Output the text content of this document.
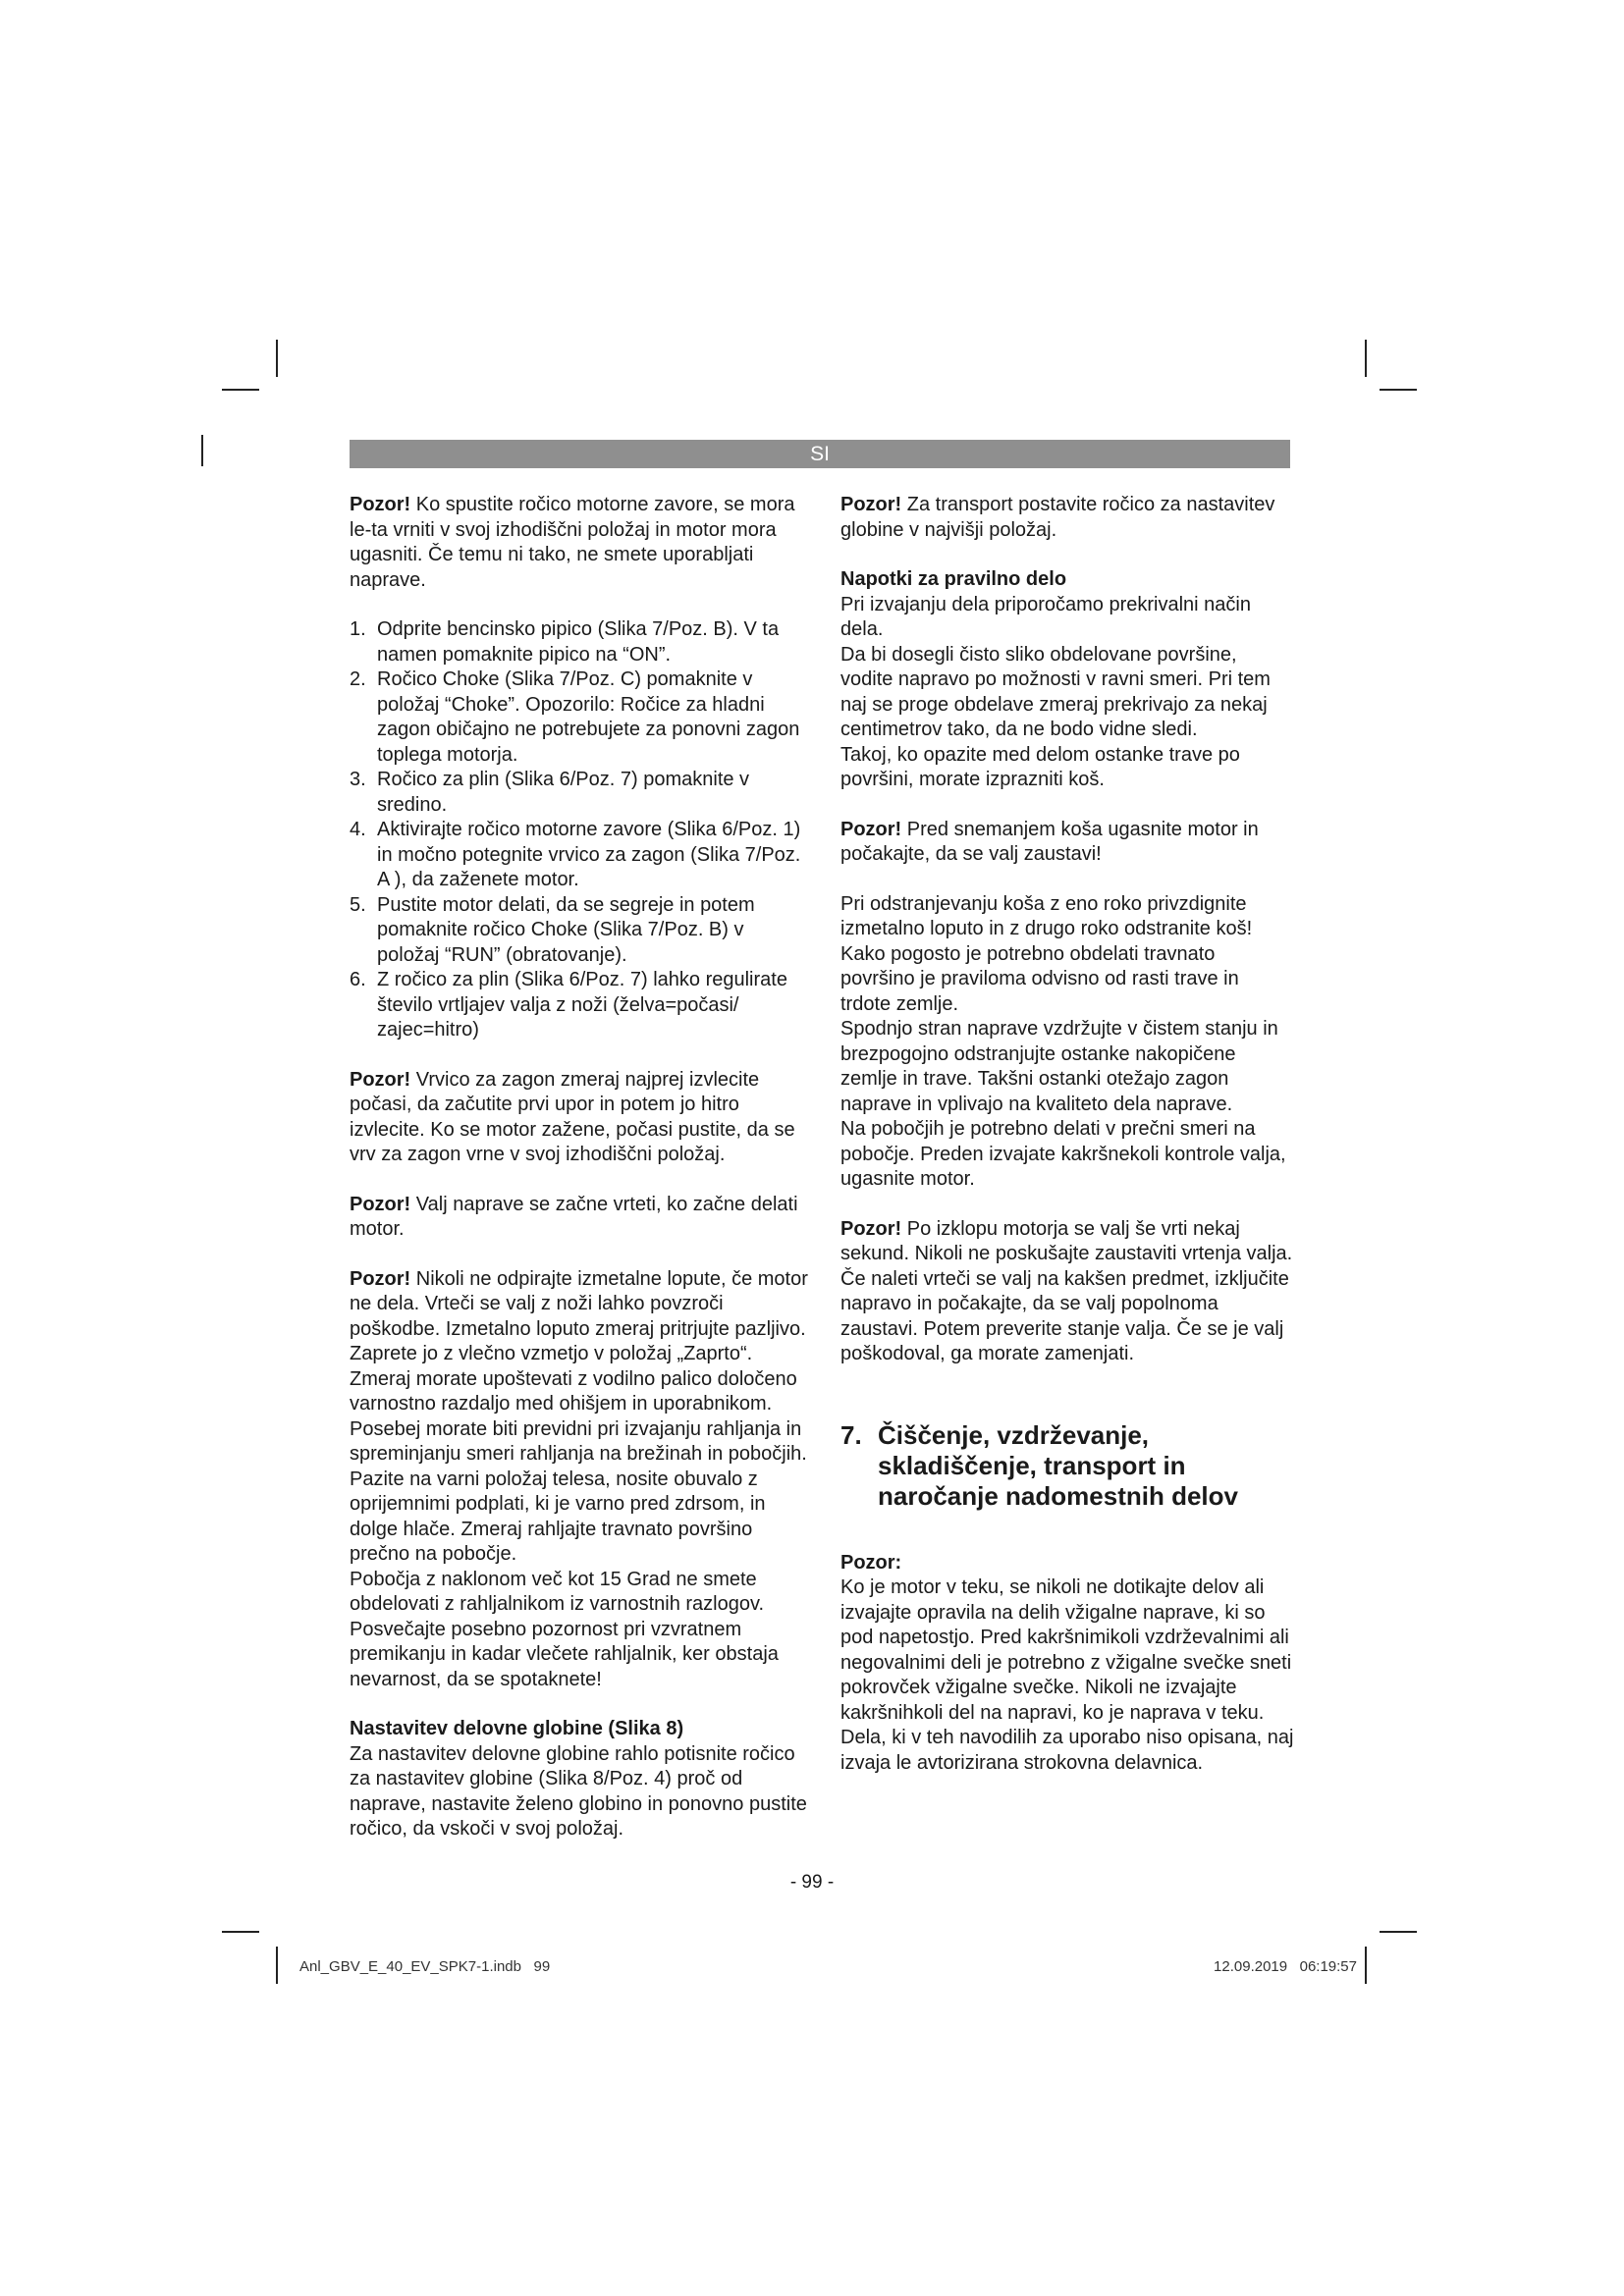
SI

Pozor! Ko spustite ročico motorne zavore, se mora le-ta vrniti v svoj izhodiščni položaj in motor mora ugasniti. Če temu ni tako, ne smete uporabljati naprave.

1. Odprite bencinsko pipico (Slika 7/Poz. B). V ta namen pomaknite pipico na “ON”.
2. Ročico Choke (Slika 7/Poz. C) pomaknite v položaj “Choke”. Opozorilo: Ročice za hladni zagon običajno ne potrebujete za ponovni zagon toplega motorja.
3. Ročico za plin (Slika 6/Poz. 7) pomaknite v sredino.
4. Aktivirajte ročico motorne zavore (Slika 6/Poz. 1) in močno potegnite vrvico za zagon (Slika 7/Poz. A ), da zaženete motor.
5. Pustite motor delati, da se segreje in potem pomaknite ročico Choke (Slika 7/Poz. B) v položaj “RUN” (obratovanje).
6. Z ročico za plin (Slika 6/Poz. 7) lahko regulirate število vrtljajev valja z noži (želva=počasi/ zajec=hitro)

Pozor! Vrvico za zagon zmeraj najprej izvlecite počasi, da začutite prvi upor in potem jo hitro izvlecite. Ko se motor zažene, počasi pustite, da se vrv za zagon vrne v svoj izhodiščni položaj.

Pozor! Valj naprave se začne vrteti, ko začne delati motor.

Pozor! Nikoli ne odpirajte izmetalne lopute, če motor ne dela. Vrteči se valj z noži lahko povzroči poškodbe. Izmetalno loputo zmeraj pritrjujte pazljivo. Zaprete jo z vlečno vzmetjo v položaj „Zaprto“.

Zmeraj morate upoštevati z vodilno palico določeno varnostno razdaljo med ohišjem in uporabnikom. Posebej morate biti previdni pri izvajanju rahljanja in spreminjanju smeri rahljanja na brežinah in pobočjih. Pazite na varni položaj telesa, nosite obuvalo z oprijemnimi podplati, ki je varno pred zdrsom, in dolge hlače. Zmeraj rahljajte travnato površino prečno na pobočje.

Pobočja z naklonom več kot 15 Grad ne smete obdelovati z rahljalnikom iz varnostnih razlogov.

Posvečajte posebno pozornost pri vzvratnem premikanju in kadar vlečete rahljalnik, ker obstaja nevarnost, da se spotaknete!

Nastavitev delovne globine (Slika 8)

Za nastavitev delovne globine rahlo potisnite ročico za nastavitev globine (Slika 8/Poz. 4) proč od naprave, nastavite želeno globino in ponovno pustite ročico, da vskoči v svoj položaj.

Pozor! Za transport postavite ročico za nastavitev globine v najvišji položaj.

Napotki za pravilno delo

Pri izvajanju dela priporočamo prekrivalni način dela.

Da bi dosegli čisto sliko obdelovane površine, vodite napravo po možnosti v ravni smeri. Pri tem naj se proge obdelave zmeraj prekrivajo za nekaj centimetrov tako, da ne bodo vidne sledi.

Takoj, ko opazite med delom ostanke trave po površini, morate izprazniti koš.

Pozor! Pred snemanjem koša ugasnite motor in počakajte, da se valj zaustavi!

Pri odstranjevanju koša z eno roko privzdignite izmetalno loputo in z drugo roko odstranite koš!

Kako pogosto je potrebno obdelati travnato površino je praviloma odvisno od rasti trave in trdote zemlje.

Spodnjo stran naprave vzdržujte v čistem stanju in brezpogojno odstranjujte ostanke nakopičene zemlje in trave. Takšni ostanki otežajo zagon naprave in vplivajo na kvaliteto dela naprave.

Na pobočjih je potrebno delati v prečni smeri na pobočje. Preden izvajate kakršnekoli kontrole valja, ugasnite motor.

Pozor! Po izklopu motorja se valj še vrti nekaj sekund. Nikoli ne poskušajte zaustaviti vrtenja valja. Če naleti vrteči se valj na kakšen predmet, izključite napravo in počakajte, da se valj popolnoma zaustavi. Potem preverite stanje valja. Če se je valj poškodoval, ga morate zamenjati.

7. Čiščenje, vzdrževanje, skladiščenje, transport in naročanje nadomestnih delov

Pozor:

Ko je motor v teku, se nikoli ne dotikajte delov ali izvajajte opravila na delih vžigalne naprave, ki so pod napetostjo. Pred kakršnimikoli vzdrževalnimi ali negovalnimi deli je potrebno z vžigalne svečke sneti pokrovček vžigalne svečke. Nikoli ne izvajajte kakršnihkoli del na napravi, ko je naprava v teku. Dela, ki v teh navodilih za uporabo niso opisana, naj izvaja le avtorizirana strokovna delavnica.

- 99 -
Anl_GBV_E_40_EV_SPK7-1.indb   99	12.09.2019   06:19:57
